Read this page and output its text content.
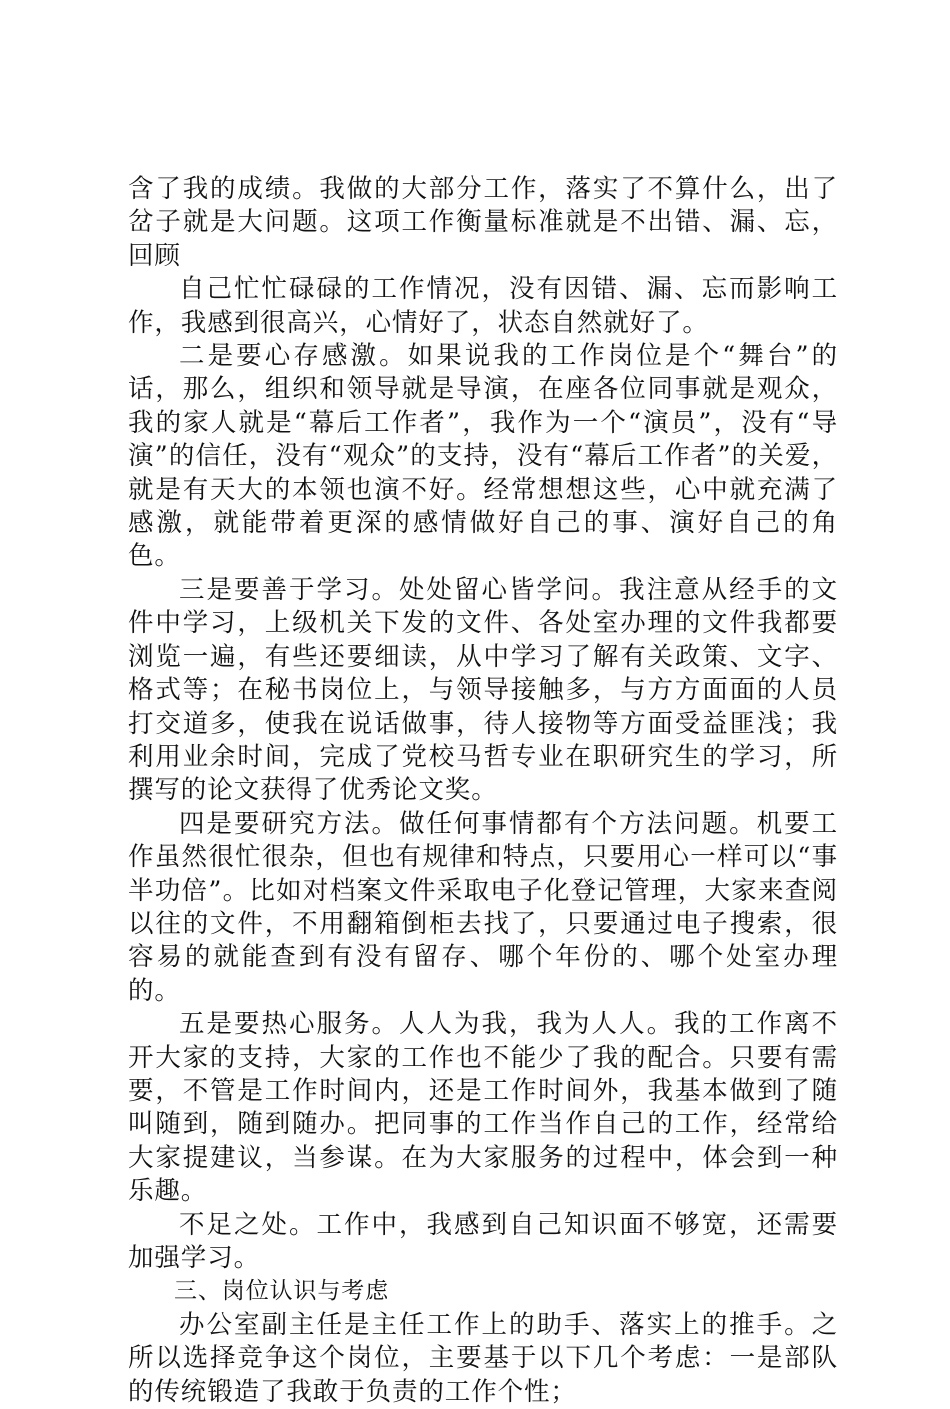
含了我的成绩。我做的大部分工作，落实了不算什么，出了岔子就是大问题。这项工作衡量标准就是不出错、漏、忘，回顾

自己忙忙碌碌的工作情况，没有因错、漏、忘而影响工作，我感到很高兴，心情好了，状态自然就好了。

二是要心存感激。如果说我的工作岗位是个“舞台”的话，那么，组织和领导就是导演，在座各位同事就是观众，我的家人就是“幕后工作者”，我作为一个“演员”，没有“导演”的信任，没有“观众”的支持，没有“幕后工作者”的关爱，就是有天大的本领也演不好。经常想想这些，心中就充满了感激，就能带着更深的感情做好自己的事、演好自己的角色。

三是要善于学习。处处留心皆学问。我注意从经手的文件中学习，上级机关下发的文件、各处室办理的文件我都要浏览一遍，有些还要细读，从中学习了解有关政策、文字、格式等；在秘书岗位上，与领导接触多，与方方面面的人员打交道多，使我在说话做事，待人接物等方面受益匪浅；我利用业余时间，完成了党校马哲专业在职研究生的学习，所撰写的论文获得了优秀论文奖。

四是要研究方法。做任何事情都有个方法问题。机要工作虽然很忙很杂，但也有规律和特点，只要用心一样可以“事半功倍”。比如对档案文件采取电子化登记管理，大家来查阅以往的文件，不用翻箱倒柜去找了，只要通过电子搜索，很容易的就能查到有没有留存、哪个年份的、哪个处室办理的。

五是要热心服务。人人为我，我为人人。我的工作离不开大家的支持，大家的工作也不能少了我的配合。只要有需要，不管是工作时间内，还是工作时间外，我基本做到了随叫随到，随到随办。把同事的工作当作自己的工作，经常给大家提建议，当参谋。在为大家服务的过程中，体会到一种乐趣。

不足之处。工作中，我感到自己知识面不够宽，还需要加强学习。

三、岗位认识与考虑

办公室副主任是主任工作上的助手、落实上的推手。之所以选择竞争这个岗位，主要基于以下几个考虑：一是部队的传统锻造了我敢于负责的工作个性；
